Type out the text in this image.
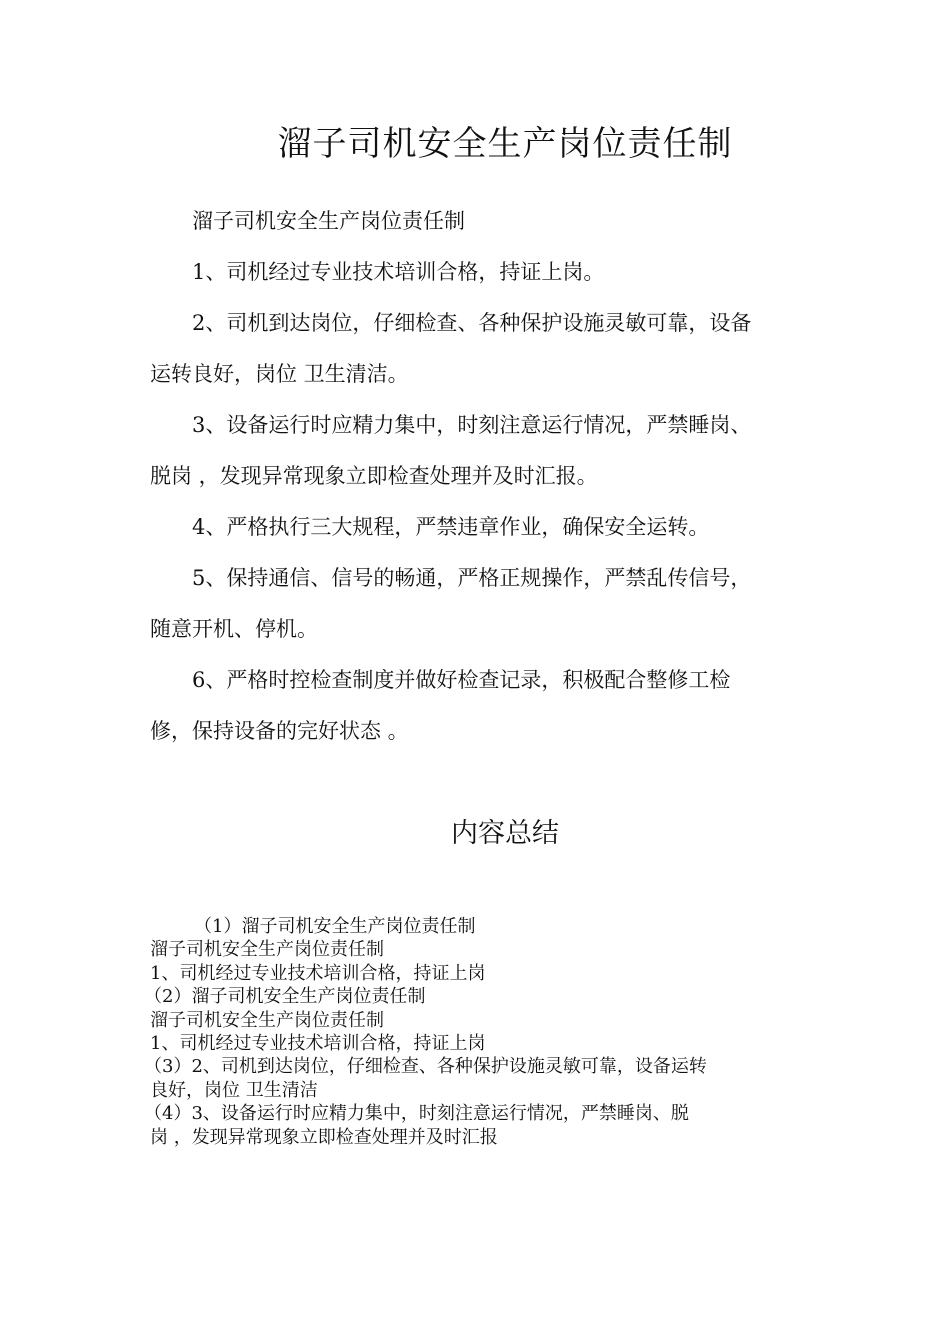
溜子司机安全生产岗位责任制

溜子司机安全生产岗位责任制

1、司机经过专业技术培训合格，持证上岗。

2、司机到达岗位，仔细检查、各种保护设施灵敏可靠，设备
运转良好，岗位 卫生清洁。

3、设备运行时应精力集中，时刻注意运行情况，严禁睡岗、
脱岗 ，发现异常现象立即检查处理并及时汇报。

4、严格执行三大规程，严禁违章作业，确保安全运转。

5、保持通信、信号的畅通，严格正规操作，严禁乱传信号，
随意开机、停机。

6、严格时控检查制度并做好检查记录，积极配合整修工检
修，保持设备的完好状态 。

内容总结

（1）溜子司机安全生产岗位责任制

溜子司机安全生产岗位责任制

1、司机经过专业技术培训合格，持证上岗

（2）溜子司机安全生产岗位责任制

溜子司机安全生产岗位责任制

1、司机经过专业技术培训合格，持证上岗

（3）2、司机到达岗位，仔细检查、各种保护设施灵敏可靠，设备运转

良好，岗位 卫生清洁

（4）3、设备运行时应精力集中，时刻注意运行情况，严禁睡岗、脱

岗 ，发现异常现象立即检查处理并及时汇报
